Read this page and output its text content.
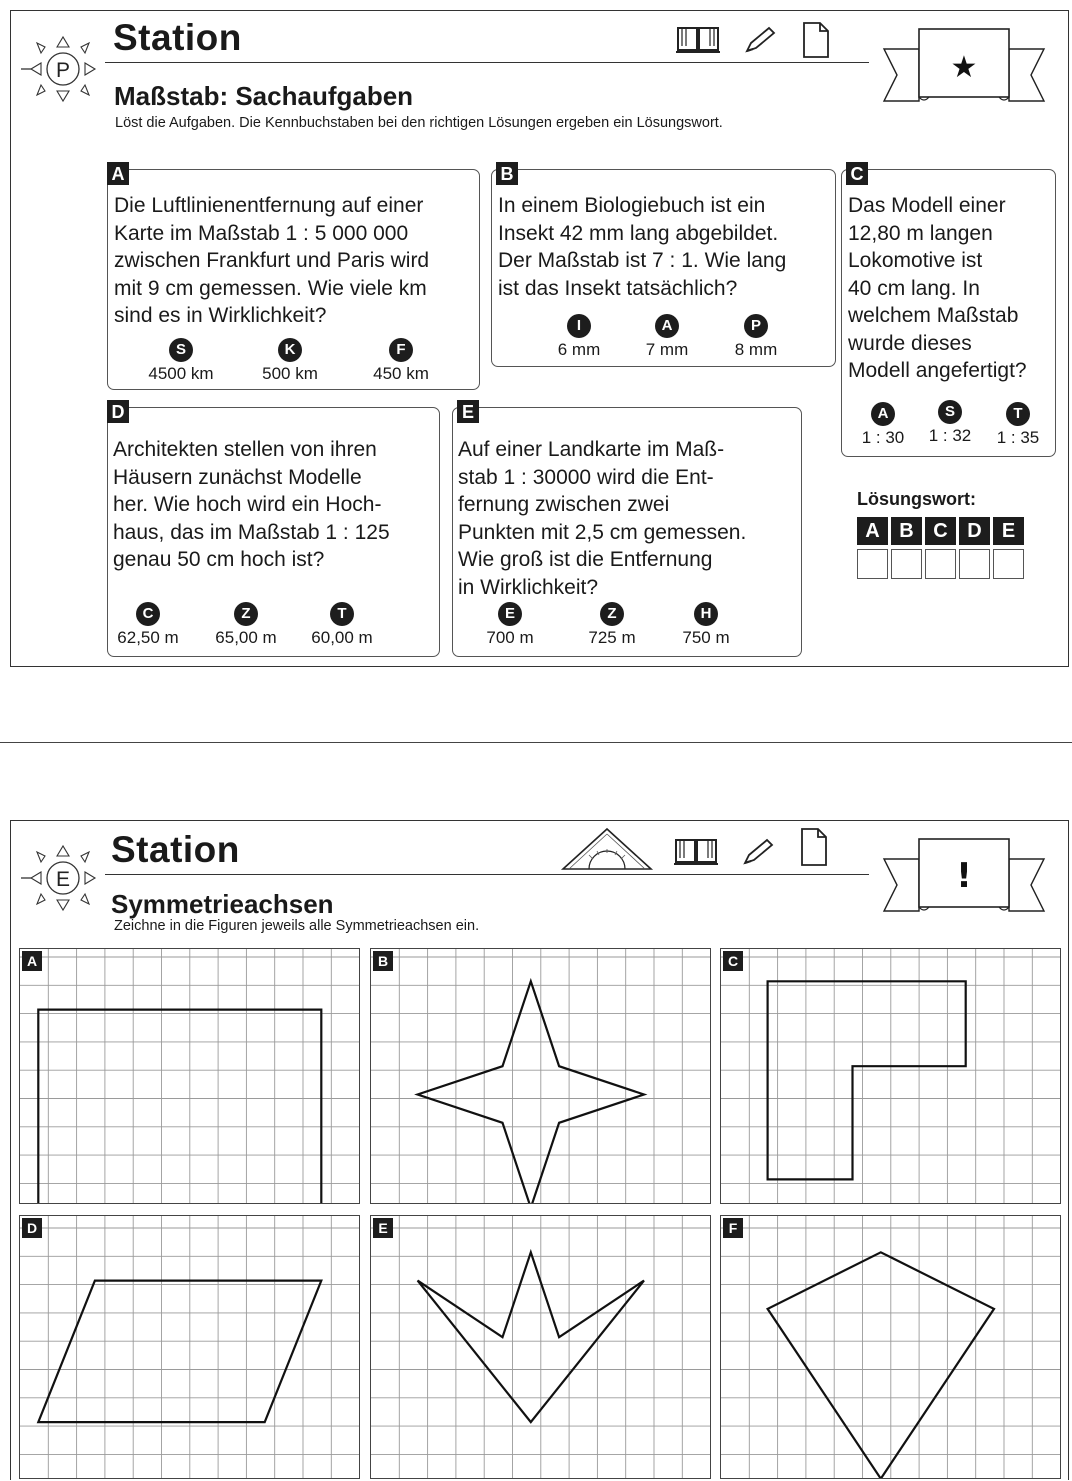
P
Station
★
Maßstab: Sachaufgaben
Löst die Aufgaben. Die Kennbuchstaben bei den richtigen Lösungen ergeben ein Lösungswort.
A
Die Luftlinienentfernung auf einer
Karte im Maßstab 1 : 5 000 000
zwischen Frankfurt und Paris wird
mit 9 cm gemessen. Wie viele km
sind es in Wirklichkeit?
S
4500 km
K
500 km
F
450 km
B
In einem Biologiebuch ist ein
Insekt 42 mm lang abgebildet.
Der Maßstab ist 7 : 1. Wie lang
ist das Insekt tatsächlich?
I
6 mm
A
7 mm
P
8 mm
C
Das Modell einer
12,80 m langen
Lokomotive ist
40 cm lang. In
welchem Maßstab
wurde dieses
Modell angefertigt?
A
1 : 30
S
1 : 32
T
1 : 35
D
Architekten stellen von ihren
Häusern zunächst Modelle
her. Wie hoch wird ein Hoch-
haus, das im Maßstab 1 : 125
genau 50 cm hoch ist?
C
62,50 m
Z
65,00 m
T
60,00 m
E
Auf einer Landkarte im Maß-
stab 1 : 30000 wird die Ent-
fernung zwischen zwei
Punkten mit 2,5 cm gemessen.
Wie groß ist die Entfernung
in Wirklichkeit?
E
700 m
Z
725 m
H
750 m
Lösungswort:
A B C D	E
E
Station
!
Symmetrieachsen
Zeichne in die Figuren jeweils alle Symmetrieachsen ein.
A	B	C
D	E	F
